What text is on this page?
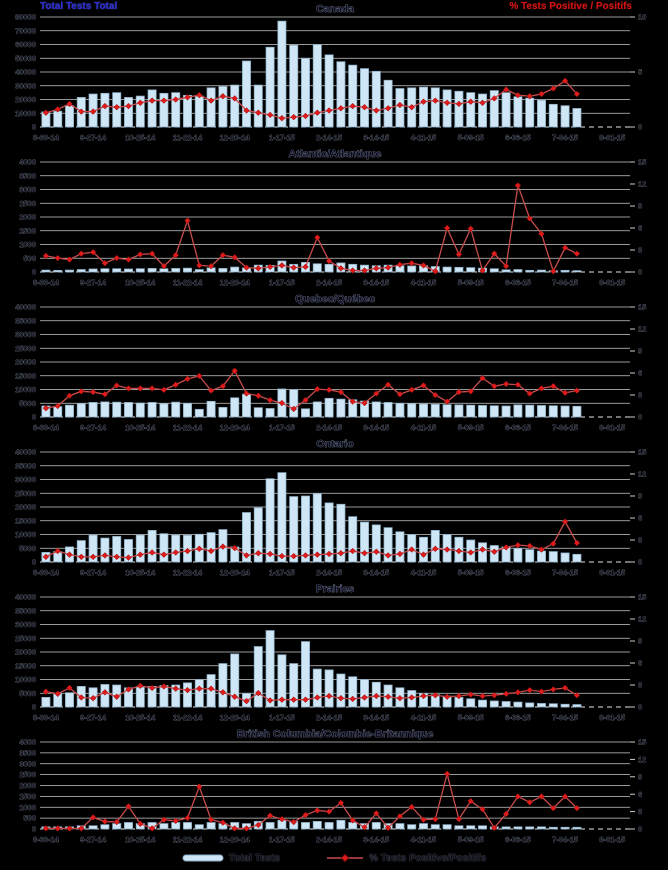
Total Tests Total	% Tests Positive / Positifs
0
10000
20000
30000
40000
50000
60000
70000
80000
0
5
10
8-30-14	9-27-14	10-25-14 11-22-14 12-20-14	1-17-15	2-14-15	3-14-15	4-11-15	5-09-15	6-06-15	7-04-15	8-01-15
Canada
0
500
1000
1500
2000
2500
3000
3500
4000
0
3
6
9
12
15
8-30-14	9-27-14	10-25-14 11-22-14 12-20-14	1-17-15	2-14-15	3-14-15	4-11-15	5-09-15	6-06-15	7-04-15	8-01-15
Atlantic/Atlantique
0
5000
10000
15000
20000
25000
30000
35000
40000
0
3
6
9
12
15
8-30-14	9-27-14	10-25-14 11-22-14 12-20-14	1-17-15	2-14-15	3-14-15	4-11-15	5-09-15	6-06-15	7-04-15	8-01-15
Quebec/Québec
0
5000
10000
15000
20000
25000
30000
35000
40000
0
3
6
9
12
15
8-30-14	9-27-14	10-25-14 11-22-14 12-20-14	1-17-15	2-14-15	3-14-15	4-11-15	5-09-15	6-06-15	7-04-15	8-01-15
Ontario
0
5000
10000
15000
20000
25000
30000
35000
40000
0
3
6
9
12
15
8-30-14	9-27-14	10-25-14 11-22-14 12-20-14	1-17-15	2-14-15	3-14-15	4-11-15	5-09-15	6-06-15	7-04-15	8-01-15
Prairies
0
500
1000
1500
2000
2500
3000
3500
4000
0
3
6
9
12
15
8-30-14	9-27-14	10-25-14 11-22-14 12-20-14	1-17-15	2-14-15	3-14-15	4-11-15	5-09-15	6-06-15	7-04-15	8-01-15
British Columbia/Colombie-Britannique
Total Tests	% Tests Positive/Positifs
